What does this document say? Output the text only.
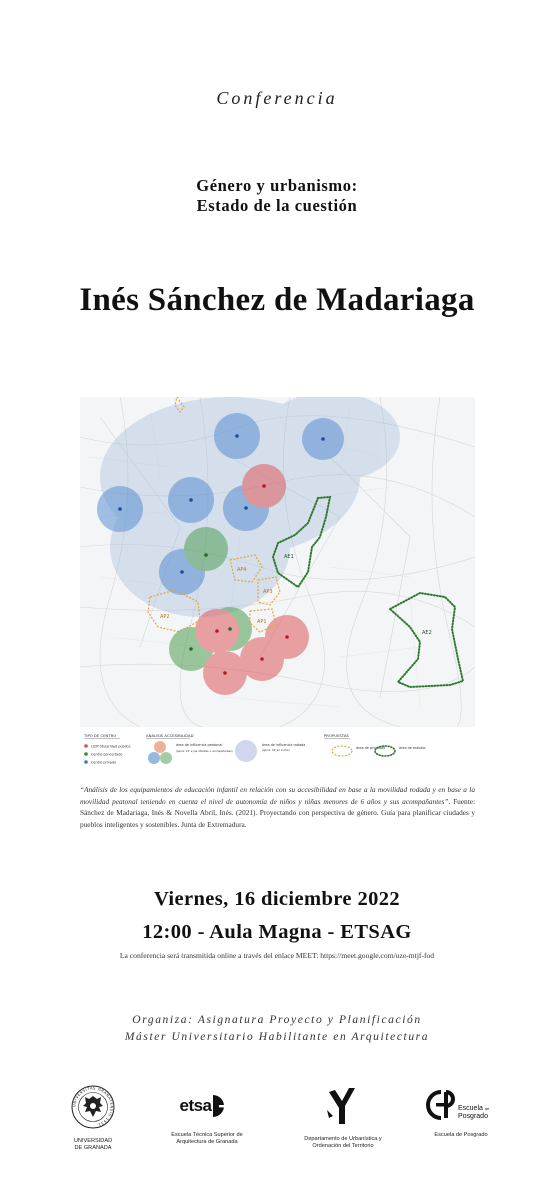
Conferencia
Género y urbanismo:
Estado de la cuestión
Inés Sánchez de Madariaga
AE1
AE2
AP4
AP3
AP2
AP1
TIPO DE CENTRO
CEIP titularidad pública
Centro concertado
Centro privado
ANÁLISIS ACCESIBILIDAD
área de influencia peatonal
(aprox. 10' a pie infantes + acompañantes)
área de influencia rodada
(aprox. 10' en coche)
PROPUESTAS
área de prioridad	área de estudio
“Análisis de los equipamientos de educación infantil en relación con su accesibilidad en base a la movilidad rodada y en base a la movilidad peatonal teniendo en cuenta el nivel de autonomía de niños y niñas menores de 6 años y sus acompañantes”. Fuente: Sánchez de Madariaga, Inés & Novella Abril, Inés. (2021). Proyectando con perspectiva de género. Guía para planificar ciudades y pueblos inteligentes y sostenibles. Junta de Extremadura.
Viernes, 16 diciembre 2022
12:00 - Aula Magna - ETSAG
La conferencia será transmitida online a través del enlace MEET: https://meet.google.com/uze-mtjf-fod
Organiza: Asignatura Proyecto y Planificación
Máster Universitario Habilitante en Arquitectura
UNIVERSITAS GRANATENSIS 1531
UNIVERSIDAD
DE GRANADA
etsa
Escuela Técnica Superior de
Arquitectura de Granada	Departamento de Urbanística y
Ordenación del Territorio
Escuela de
Posgrado
Escuela de Posgrado
